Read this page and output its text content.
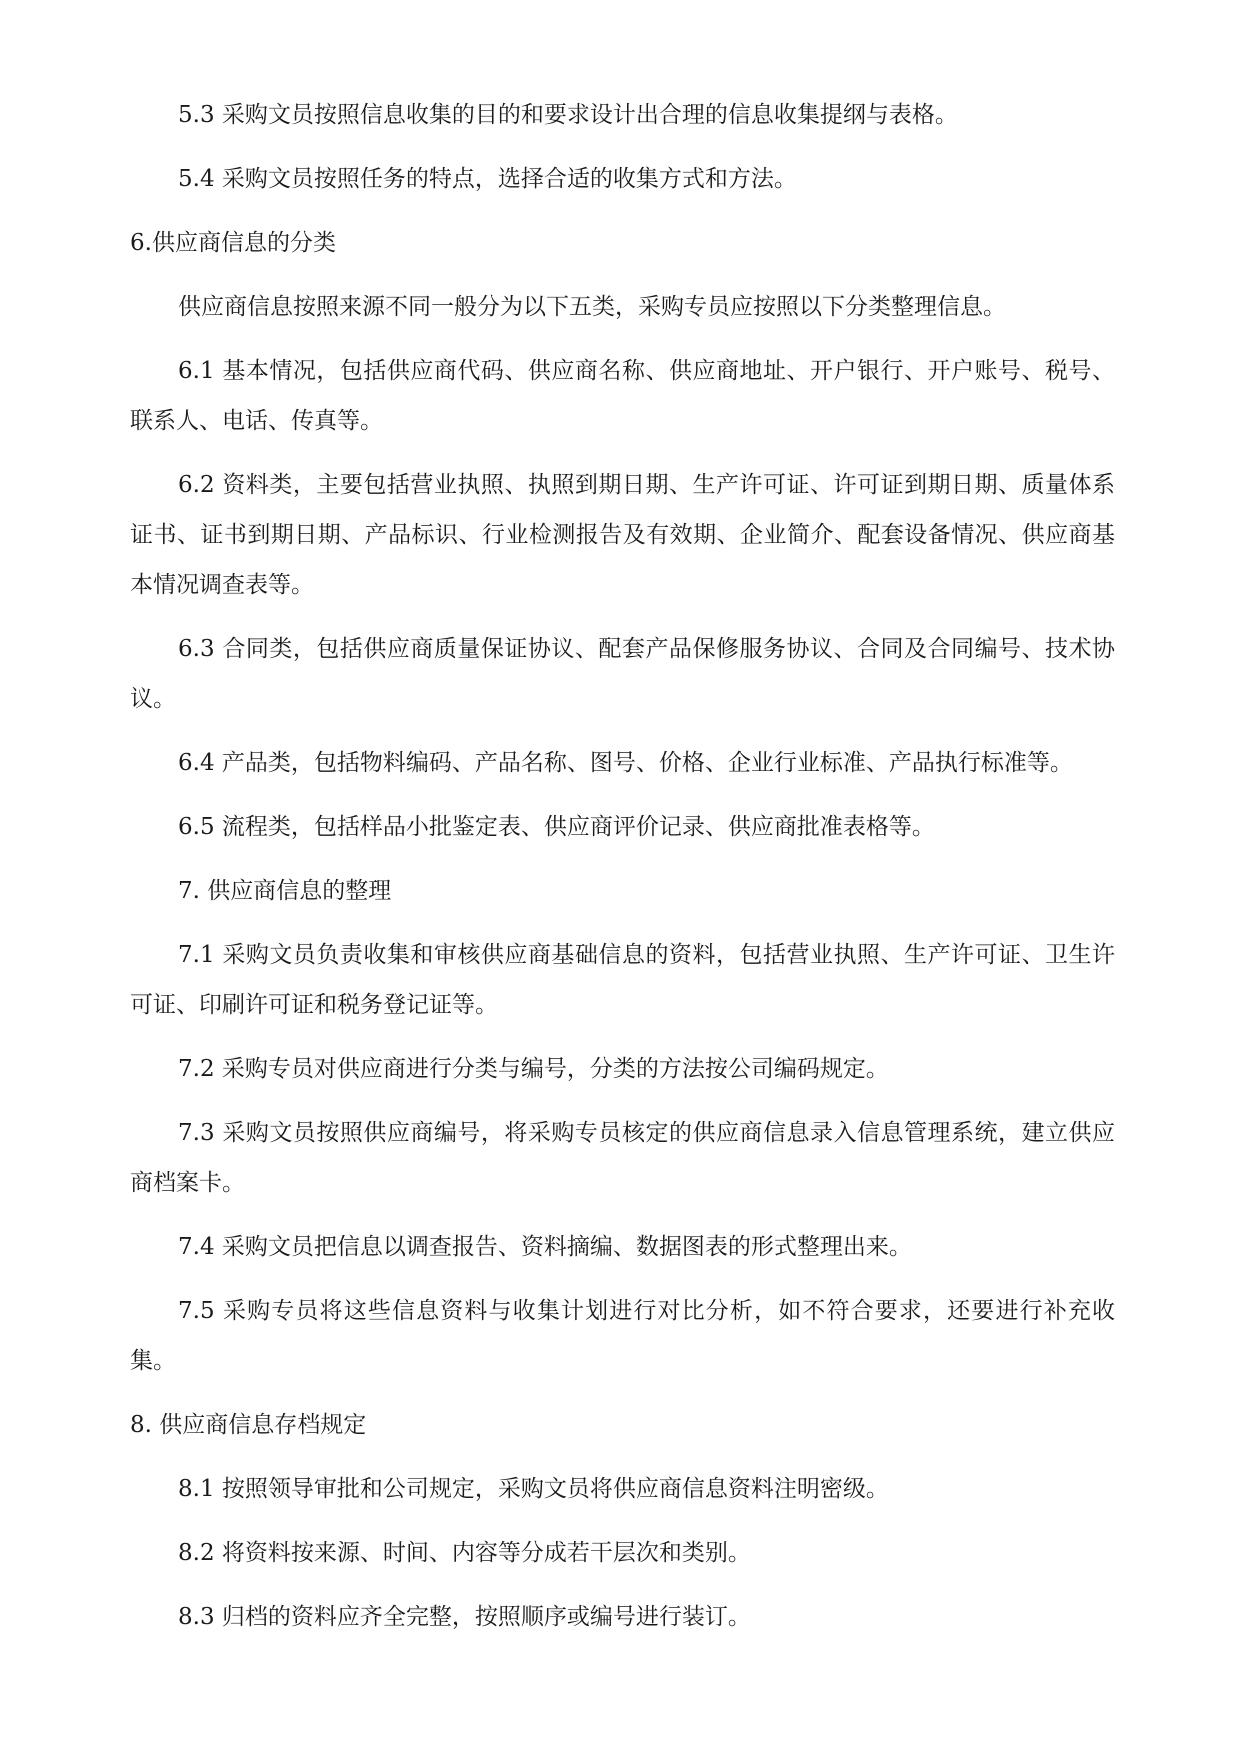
5.3 采购文员按照信息收集的目的和要求设计出合理的信息收集提纲与表格。

5.4 采购文员按照任务的特点，选择合适的收集方式和方法。

6.供应商信息的分类

供应商信息按照来源不同一般分为以下五类，采购专员应按照以下分类整理信息。

6.1 基本情况，包括供应商代码、供应商名称、供应商地址、开户银行、开户账号、税号、联系人、电话、传真等。

6.2 资料类，主要包括营业执照、执照到期日期、生产许可证、许可证到期日期、质量体系证书、证书到期日期、产品标识、行业检测报告及有效期、企业简介、配套设备情况、供应商基本情况调查表等。

6.3 合同类，包括供应商质量保证协议、配套产品保修服务协议、合同及合同编号、技术协议。

6.4 产品类，包括物料编码、产品名称、图号、价格、企业行业标准、产品执行标准等。

6.5 流程类，包括样品小批鉴定表、供应商评价记录、供应商批准表格等。

7. 供应商信息的整理

7.1 采购文员负责收集和审核供应商基础信息的资料，包括营业执照、生产许可证、卫生许可证、印刷许可证和税务登记证等。

7.2 采购专员对供应商进行分类与编号，分类的方法按公司编码规定。

7.3 采购文员按照供应商编号，将采购专员核定的供应商信息录入信息管理系统，建立供应商档案卡。

7.4 采购文员把信息以调查报告、资料摘编、数据图表的形式整理出来。

7.5 采购专员将这些信息资料与收集计划进行对比分析，如不符合要求，还要进行补充收集。

8. 供应商信息存档规定

8.1 按照领导审批和公司规定，采购文员将供应商信息资料注明密级。

8.2 将资料按来源、时间、内容等分成若干层次和类别。

8.3 归档的资料应齐全完整，按照顺序或编号进行装订。
